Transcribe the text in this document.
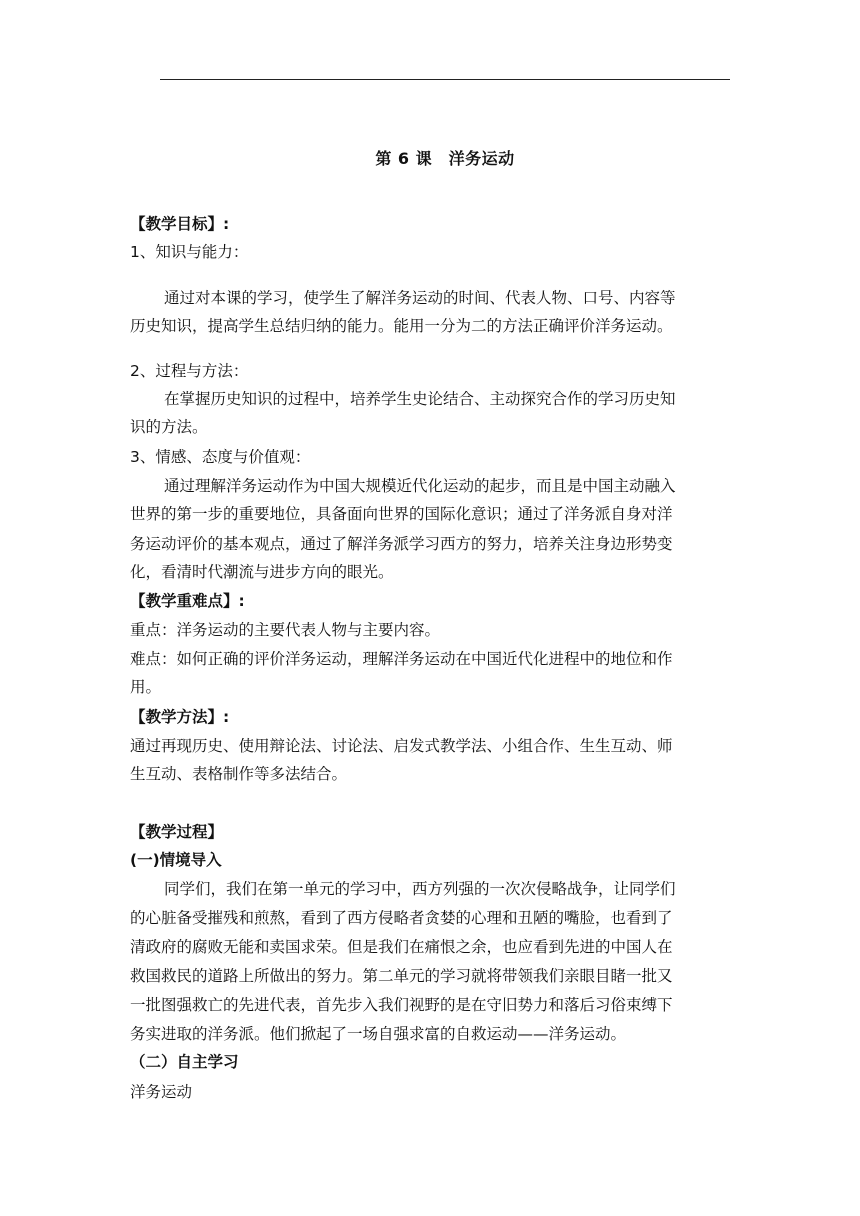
第 6 课　洋务运动
【教学目标】:
1、知识与能力：
通过对本课的学习，使学生了解洋务运动的时间、代表人物、口号、内容等
历史知识，提高学生总结归纳的能力。能用一分为二的方法正确评价洋务运动。
2、过程与方法：
在掌握历史知识的过程中，培养学生史论结合、主动探究合作的学习历史知
识的方法。
3、情感、态度与价值观：
通过理解洋务运动作为中国大规模近代化运动的起步，而且是中国主动融入
世界的第一步的重要地位，具备面向世界的国际化意识；通过了洋务派自身对洋
务运动评价的基本观点，通过了解洋务派学习西方的努力，培养关注身边形势变
化，看清时代潮流与进步方向的眼光。
【教学重难点】:
重点：洋务运动的主要代表人物与主要内容。
难点：如何正确的评价洋务运动，理解洋务运动在中国近代化进程中的地位和作
用。
【教学方法】:
通过再现历史、使用辩论法、讨论法、启发式教学法、小组合作、生生互动、师
生互动、表格制作等多法结合。
【教学过程】
(一)情境导入
同学们，我们在第一单元的学习中，西方列强的一次次侵略战争，让同学们
的心脏备受摧残和煎熬，看到了西方侵略者贪婪的心理和丑陋的嘴脸，也看到了
清政府的腐败无能和卖国求荣。但是我们在痛恨之余，也应看到先进的中国人在
救国救民的道路上所做出的努力。第二单元的学习就将带领我们亲眼目睹一批又
一批图强救亡的先进代表，首先步入我们视野的是在守旧势力和落后习俗束缚下
务实进取的洋务派。他们掀起了一场自强求富的自救运动——洋务运动。
（二）自主学习
洋务运动
